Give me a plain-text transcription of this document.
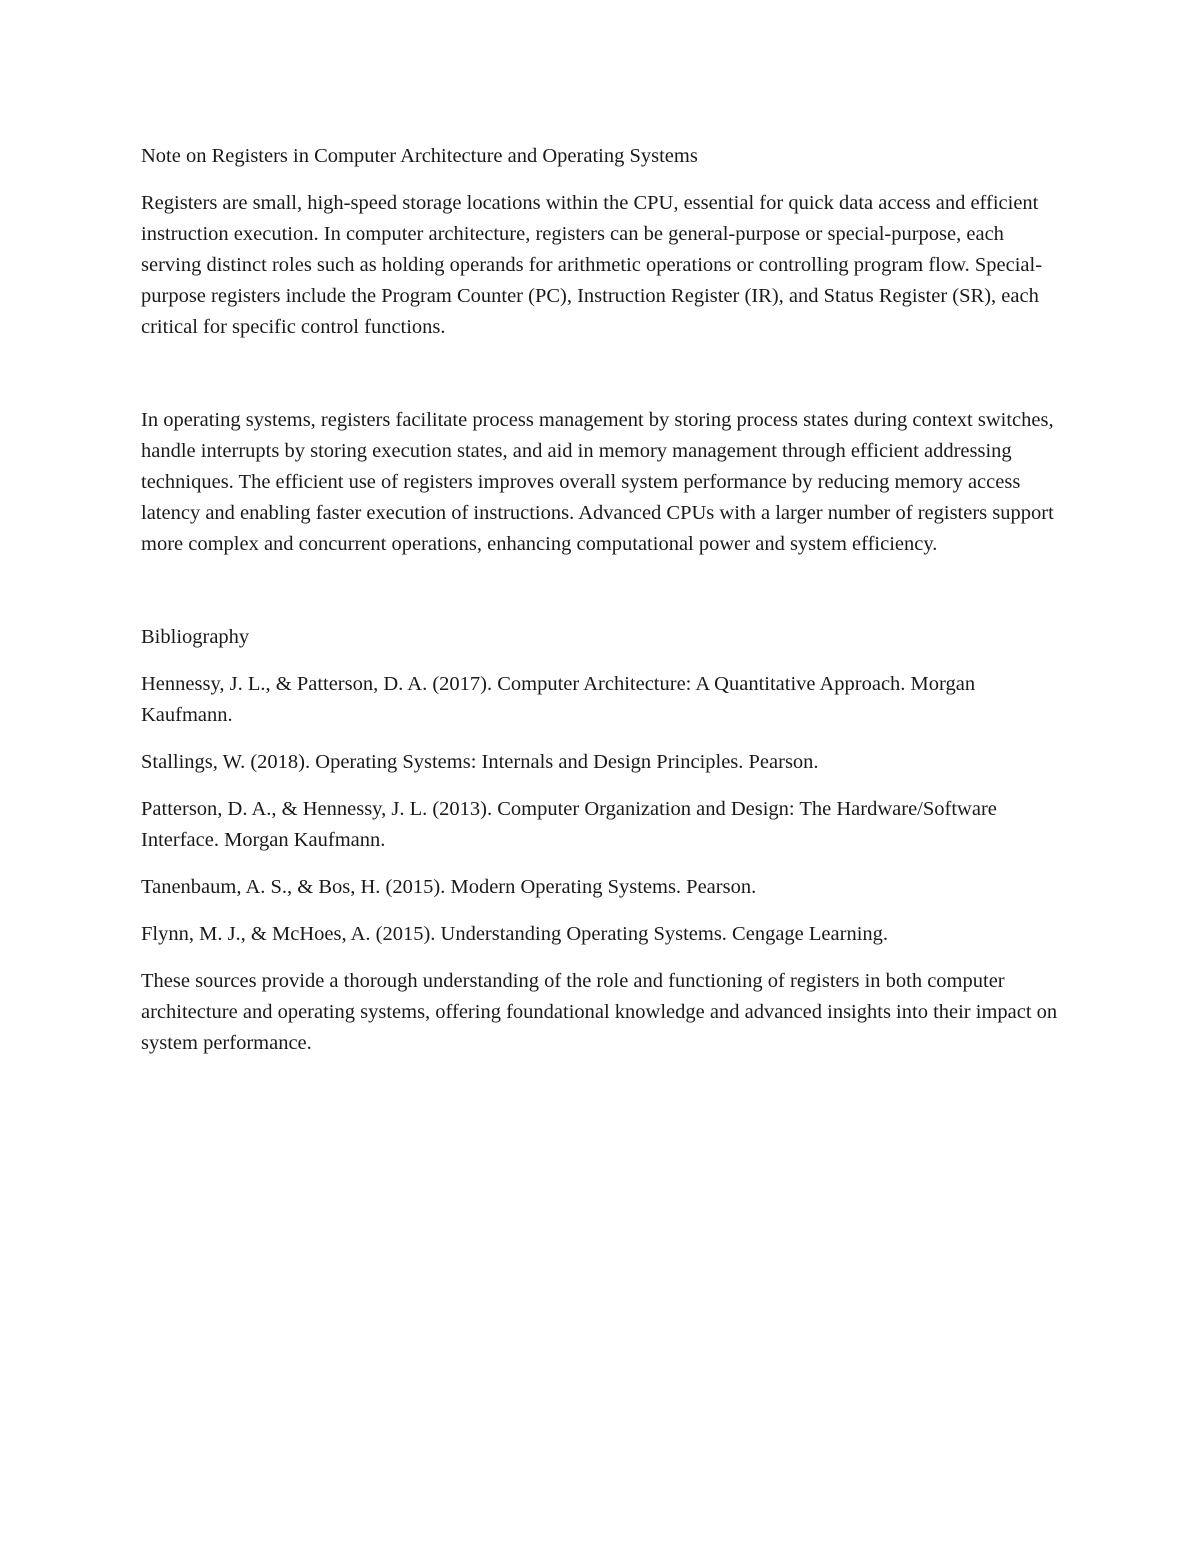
Note on Registers in Computer Architecture and Operating Systems

Registers are small, high-speed storage locations within the CPU, essential for quick data access and efficient instruction execution. In computer architecture, registers can be general-purpose or special-purpose, each serving distinct roles such as holding operands for arithmetic operations or controlling program flow. Special-purpose registers include the Program Counter (PC), Instruction Register (IR), and Status Register (SR), each critical for specific control functions.

In operating systems, registers facilitate process management by storing process states during context switches, handle interrupts by storing execution states, and aid in memory management through efficient addressing techniques. The efficient use of registers improves overall system performance by reducing memory access latency and enabling faster execution of instructions. Advanced CPUs with a larger number of registers support more complex and concurrent operations, enhancing computational power and system efficiency.

Bibliography

Hennessy, J. L., & Patterson, D. A. (2017). Computer Architecture: A Quantitative Approach. Morgan Kaufmann.

Stallings, W. (2018). Operating Systems: Internals and Design Principles. Pearson.

Patterson, D. A., & Hennessy, J. L. (2013). Computer Organization and Design: The Hardware/Software Interface. Morgan Kaufmann.

Tanenbaum, A. S., & Bos, H. (2015). Modern Operating Systems. Pearson.

Flynn, M. J., & McHoes, A. (2015). Understanding Operating Systems. Cengage Learning.

These sources provide a thorough understanding of the role and functioning of registers in both computer architecture and operating systems, offering foundational knowledge and advanced insights into their impact on system performance.
